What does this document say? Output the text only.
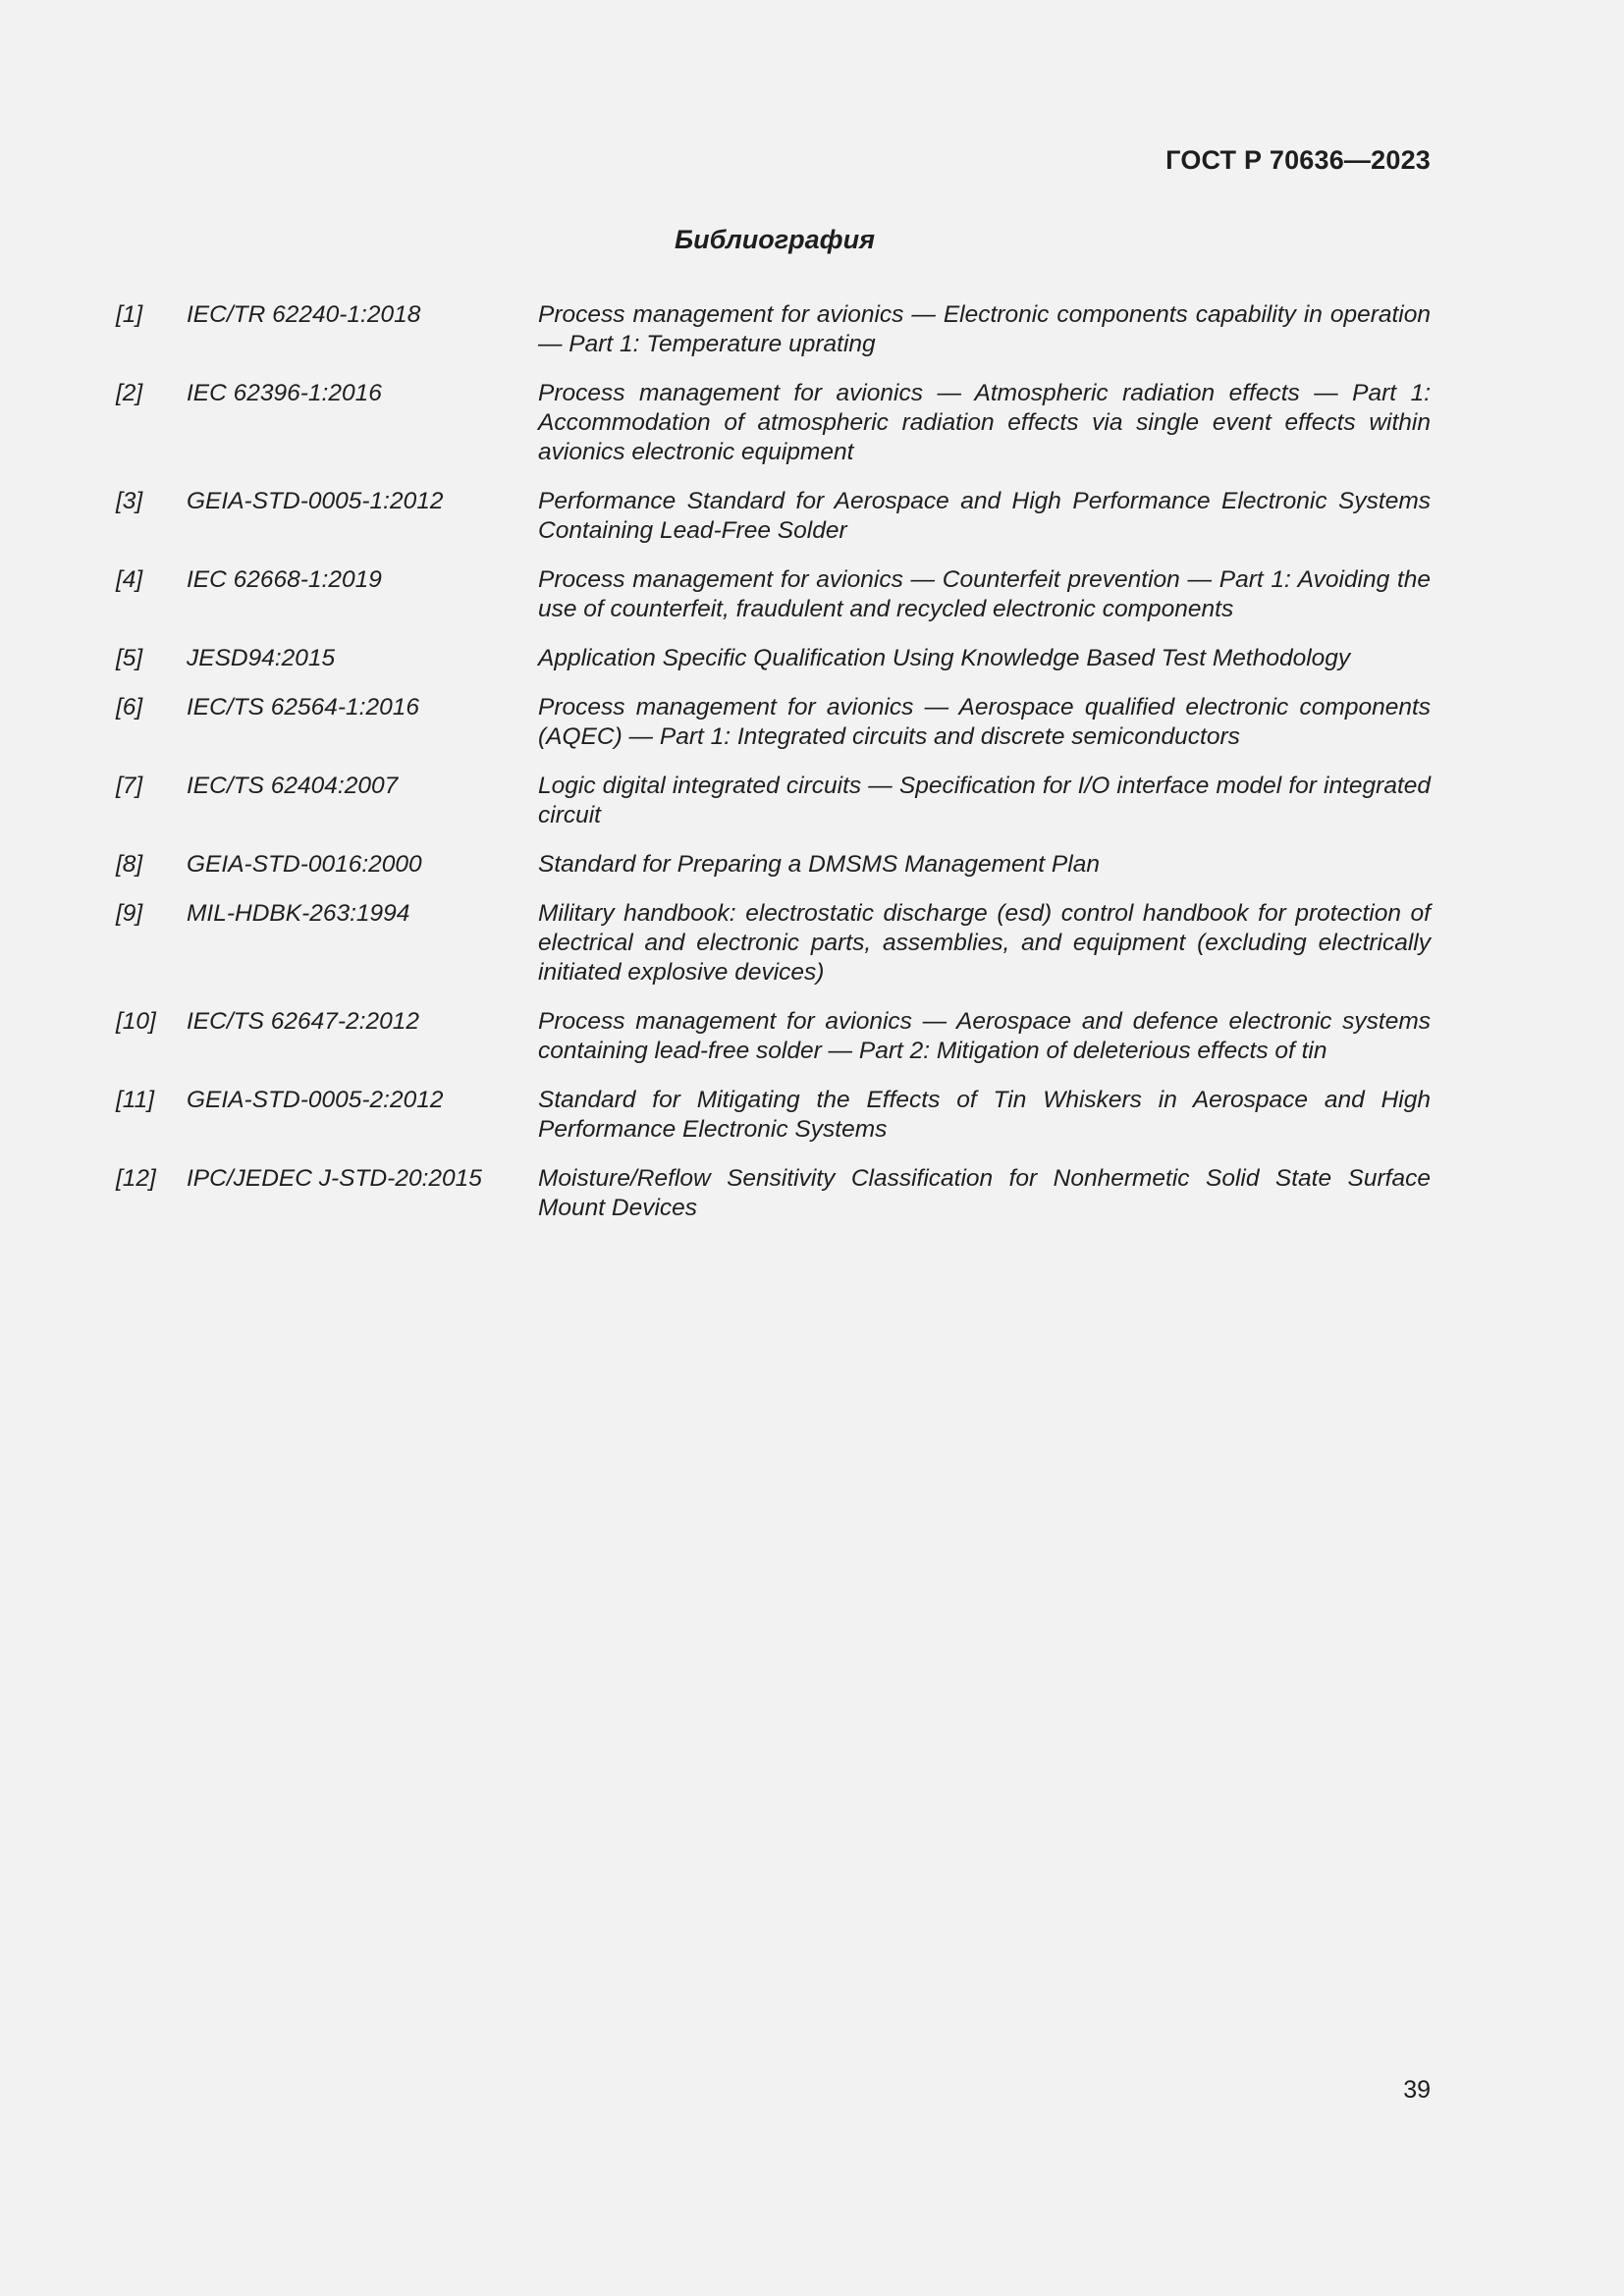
ГОСТ Р 70636—2023
Библиография
[1]	IEC/TR 62240-1:2018	Process management for avionics — Electronic components capability in operation — Part 1: Temperature uprating
[2]	IEC 62396-1:2016	Process management for avionics — Atmospheric radiation effects — Part 1: Accommodation of atmospheric radiation effects via single event effects within avionics electronic equipment
[3]	GEIA-STD-0005-1:2012	Performance Standard for Aerospace and High Performance Electronic Systems Containing Lead-Free Solder
[4]	IEC 62668-1:2019	Process management for avionics — Counterfeit prevention — Part 1: Avoiding the use of counterfeit, fraudulent and recycled electronic components
[5]	JESD94:2015	Application Specific Qualification Using Knowledge Based Test Methodology
[6]	IEC/TS 62564-1:2016	Process management for avionics — Aerospace qualified electronic components (AQEC) — Part 1: Integrated circuits and discrete semiconductors
[7]	IEC/TS 62404:2007	Logic digital integrated circuits — Specification for I/O interface model for integrated circuit
[8]	GEIA-STD-0016:2000	Standard for Preparing a DMSMS Management Plan
[9]	MIL-HDBK-263:1994	Military handbook: electrostatic discharge (esd) control handbook for protection of electrical and electronic parts, assemblies, and equipment (excluding electrically initiated explosive devices)
[10]	IEC/TS 62647-2:2012	Process management for avionics — Aerospace and defence electronic systems containing lead-free solder — Part 2: Mitigation of deleterious effects of tin
[11]	GEIA-STD-0005-2:2012	Standard for Mitigating the Effects of Tin Whiskers in Aerospace and High Performance Electronic Systems
[12]	IPC/JEDEC J-STD-20:2015	Moisture/Reflow Sensitivity Classification for Nonhermetic Solid State Surface Mount Devices
39
